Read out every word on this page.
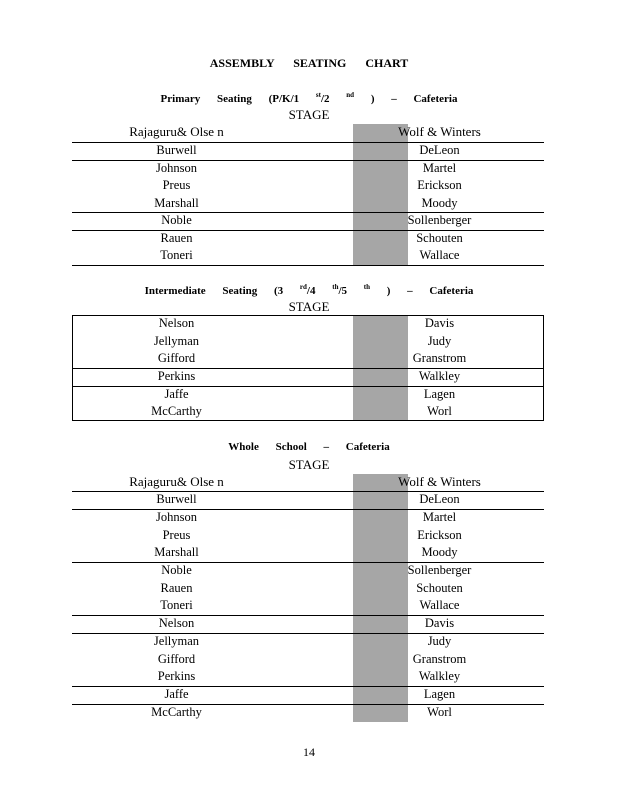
ASSEMBLY SEATING CHART
Primary Seating (P/K/1 $^{st}$/2 $^{nd}$ ) – Cafeteria
STAGE
Rajaguru& Olse n	Wolf & Winters
Burwell	DeLeon
Johnson	Martel
Preus	Erickson
Marshall	Moody
Noble	Sollenberger
Rauen	Schouten
Toneri	Wallace
Intermediate Seating (3 $^{rd}$/4 $^{th}$/5 $^{th}$ ) – Cafeteria
STAGE
Nelson	Davis
Jellyman	Judy
Gifford	Granstrom
Perkins	Walkley
Jaffe	Lagen
McCarthy	Worl
Whole School – Cafeteria
STAGE
Rajaguru& Olse n	Wolf & Winters
Burwell	DeLeon
Johnson	Martel
Preus	Erickson
Marshall	Moody
Noble	Sollenberger
Rauen	Schouten
Toneri	Wallace
Nelson	Davis
Jellyman	Judy
Gifford	Granstrom
Perkins	Walkley
Jaffe	Lagen
McCarthy	Worl
14
